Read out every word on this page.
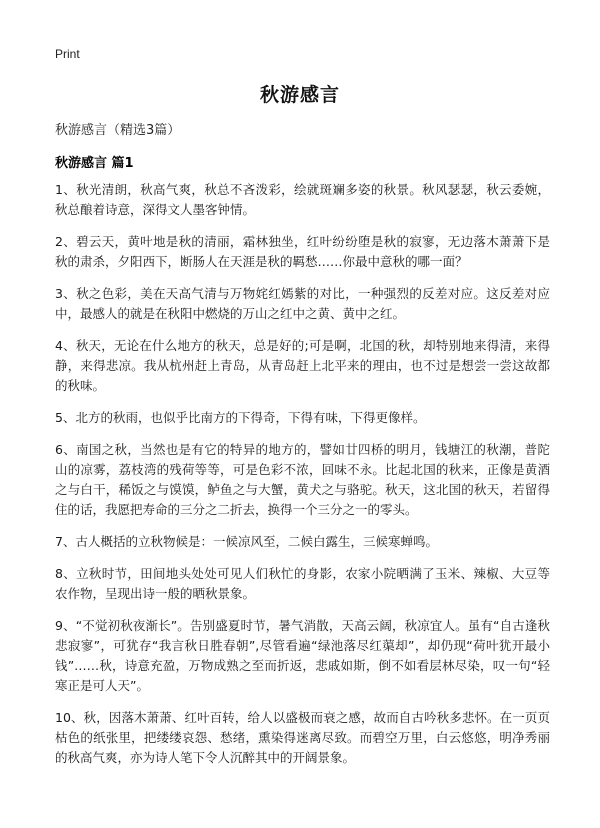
Print
秋游感言
秋游感言（精选3篇）
秋游感言 篇1

1、秋光清朗，秋高气爽，秋总不吝泼彩，绘就斑斓多姿的秋景。秋风瑟瑟，秋云委婉，秋总酿着诗意，深得文人墨客钟情。

2、碧云天，黄叶地是秋的清丽，霜林独坐，红叶纷纷堕是秋的寂寥，无边落木萧萧下是秋的肃杀，夕阳西下，断肠人在天涯是秋的羁愁……你最中意秋的哪一面？

3、秋之色彩，美在天高气清与万物姹红嫣紫的对比，一种强烈的反差对应。这反差对应中，最感人的就是在秋阳中燃烧的万山之红中之黄、黄中之红。

4、秋天，无论在什么地方的秋天，总是好的;可是啊，北国的秋，却特别地来得清，来得静，来得悲凉。我从杭州赶上青岛，从青岛赶上北平来的理由，也不过是想尝一尝这故都的秋味。

5、北方的秋雨，也似乎比南方的下得奇，下得有味，下得更像样。

6、南国之秋，当然也是有它的特异的地方的，譬如廿四桥的明月，钱塘江的秋潮，普陀山的凉雾，荔枝湾的残荷等等，可是色彩不浓，回味不永。比起北国的秋来，正像是黄酒之与白干，稀饭之与馍馍，鲈鱼之与大蟹，黄犬之与骆驼。秋天，这北国的秋天，若留得住的话，我愿把寿命的三分之二折去，换得一个三分之一的零头。

7、古人概括的立秋物候是：一候凉风至，二候白露生，三候寒蝉鸣。

8、立秋时节，田间地头处处可见人们秋忙的身影，农家小院晒满了玉米、辣椒、大豆等农作物，呈现出诗一般的晒秋景象。

9、“不觉初秋夜渐长”。告别盛夏时节，暑气消散，天高云阔，秋凉宜人。虽有“自古逢秋悲寂寥”，可犹存“我言秋日胜春朝”,尽管看遍“绿池落尽红蕖却”，却仍现“荷叶犹开最小钱”……秋，诗意充盈，万物成熟之至而折返，悲戚如斯，倒不如看层林尽染，叹一句“轻寒正是可人天”。

10、秋，因落木萧萧、红叶百转，给人以盛极而衰之感，故而自古吟秋多悲怀。在一页页枯色的纸张里，把缕缕哀怨、愁绪，熏染得迷离尽致。而碧空万里，白云悠悠，明净秀丽的秋高气爽，亦为诗人笔下令人沉醉其中的开阔景象。
